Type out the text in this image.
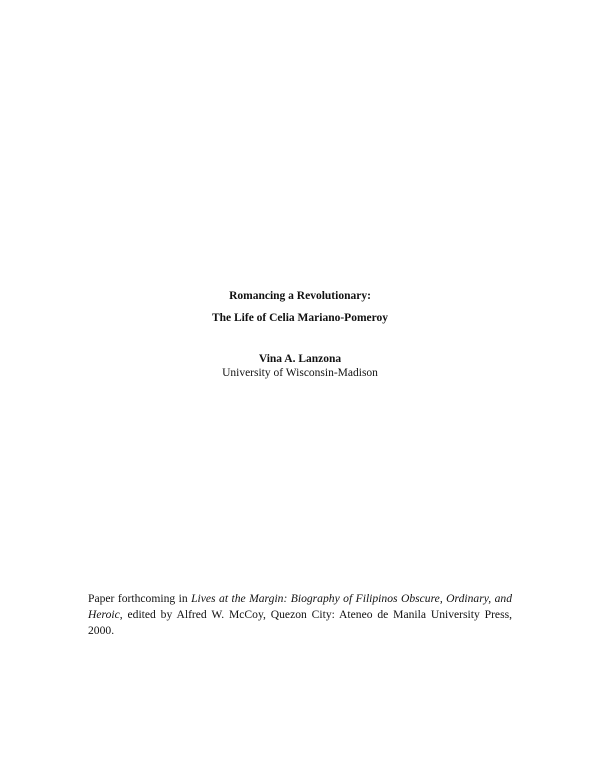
Romancing a Revolutionary:

The Life of Celia Mariano-Pomeroy

Vina A. Lanzona

University of Wisconsin-Madison

Paper forthcoming in Lives at the Margin: Biography of Filipinos Obscure, Ordinary, and Heroic, edited by Alfred W. McCoy, Quezon City: Ateneo de Manila University Press, 2000.
